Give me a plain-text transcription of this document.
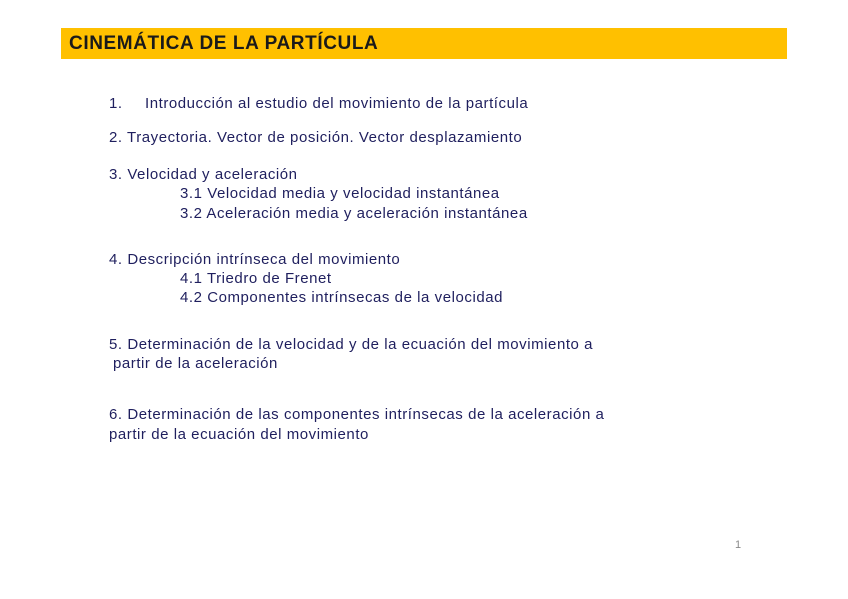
CINEMÁTICA DE LA PARTÍCULA
1. Introducción al estudio del movimiento de la partícula
2. Trayectoria. Vector de posición. Vector desplazamiento
3. Velocidad y aceleración
3.1 Velocidad media y velocidad instantánea
3.2 Aceleración media y aceleración instantánea
4. Descripción intrínseca del movimiento
4.1 Triedro de Frenet
4.2 Componentes intrínsecas de la velocidad
5. Determinación de la velocidad y de la ecuación del movimiento a
partir de la aceleración
6. Determinación de las componentes intrínsecas de la aceleración a
partir de la ecuación del movimiento
1
